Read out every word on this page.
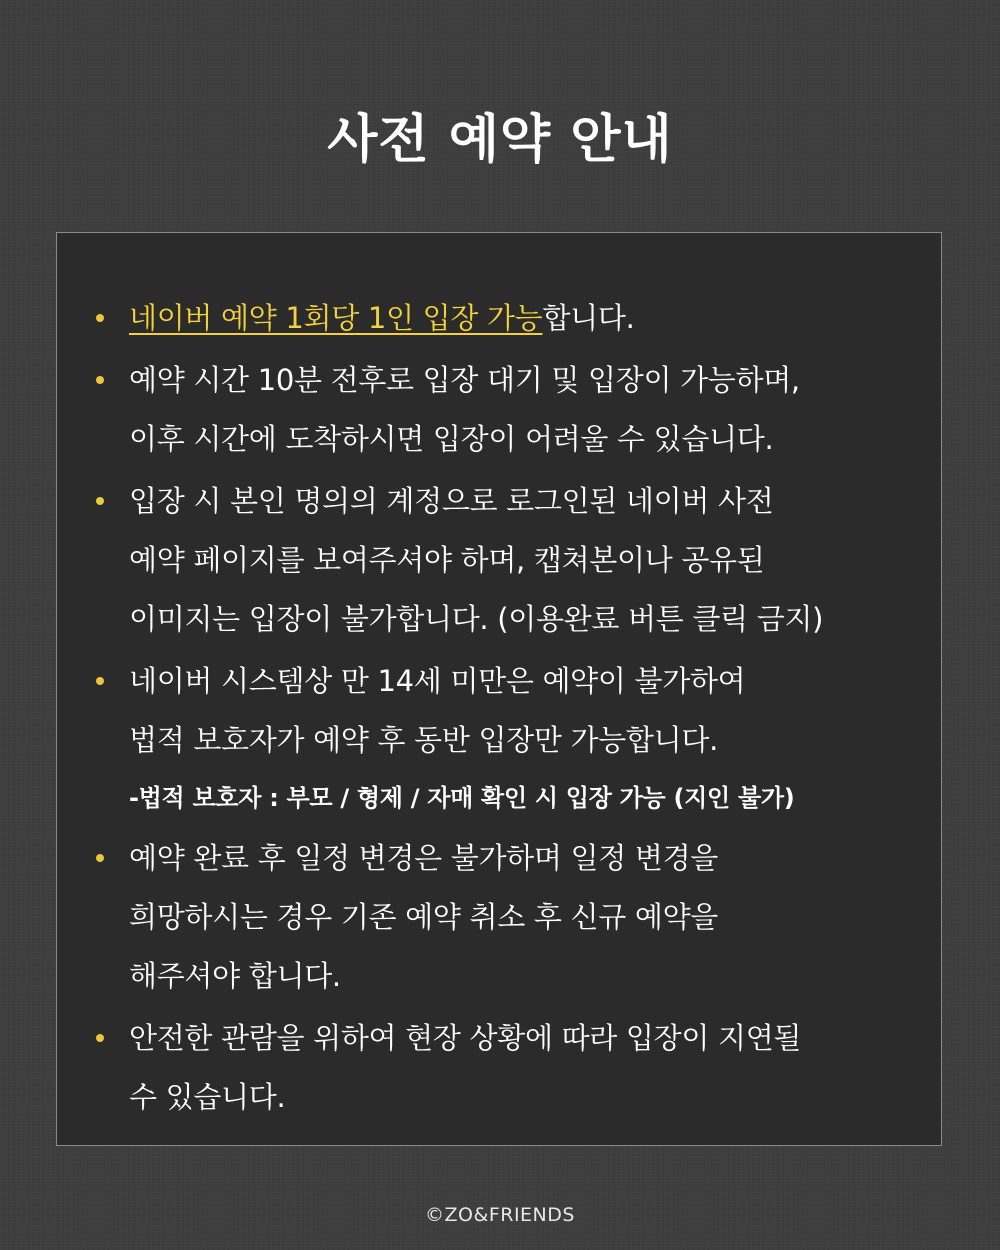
사전 예약 안내
네이버 예약 1회당 1인 입장 가능합니다.
예약 시간 10분 전후로 입장 대기 및 입장이 가능하며,
이후 시간에 도착하시면 입장이 어려울 수 있습니다.
입장 시 본인 명의의 계정으로 로그인된 네이버 사전
예약 페이지를 보여주셔야 하며, 캡쳐본이나 공유된
이미지는 입장이 불가합니다. (이용완료 버튼 클릭 금지)
네이버 시스템상 만 14세 미만은 예약이 불가하여
법적 보호자가 예약 후 동반 입장만 가능합니다.
-법적 보호자 : 부모 / 형제 / 자매 확인 시 입장 가능 (지인 불가)
예약 완료 후 일정 변경은 불가하며 일정 변경을
희망하시는 경우 기존 예약 취소 후 신규 예약을
해주셔야 합니다.
안전한 관람을 위하여 현장 상황에 따라 입장이 지연될
수 있습니다.
©ZO&FRIENDS
